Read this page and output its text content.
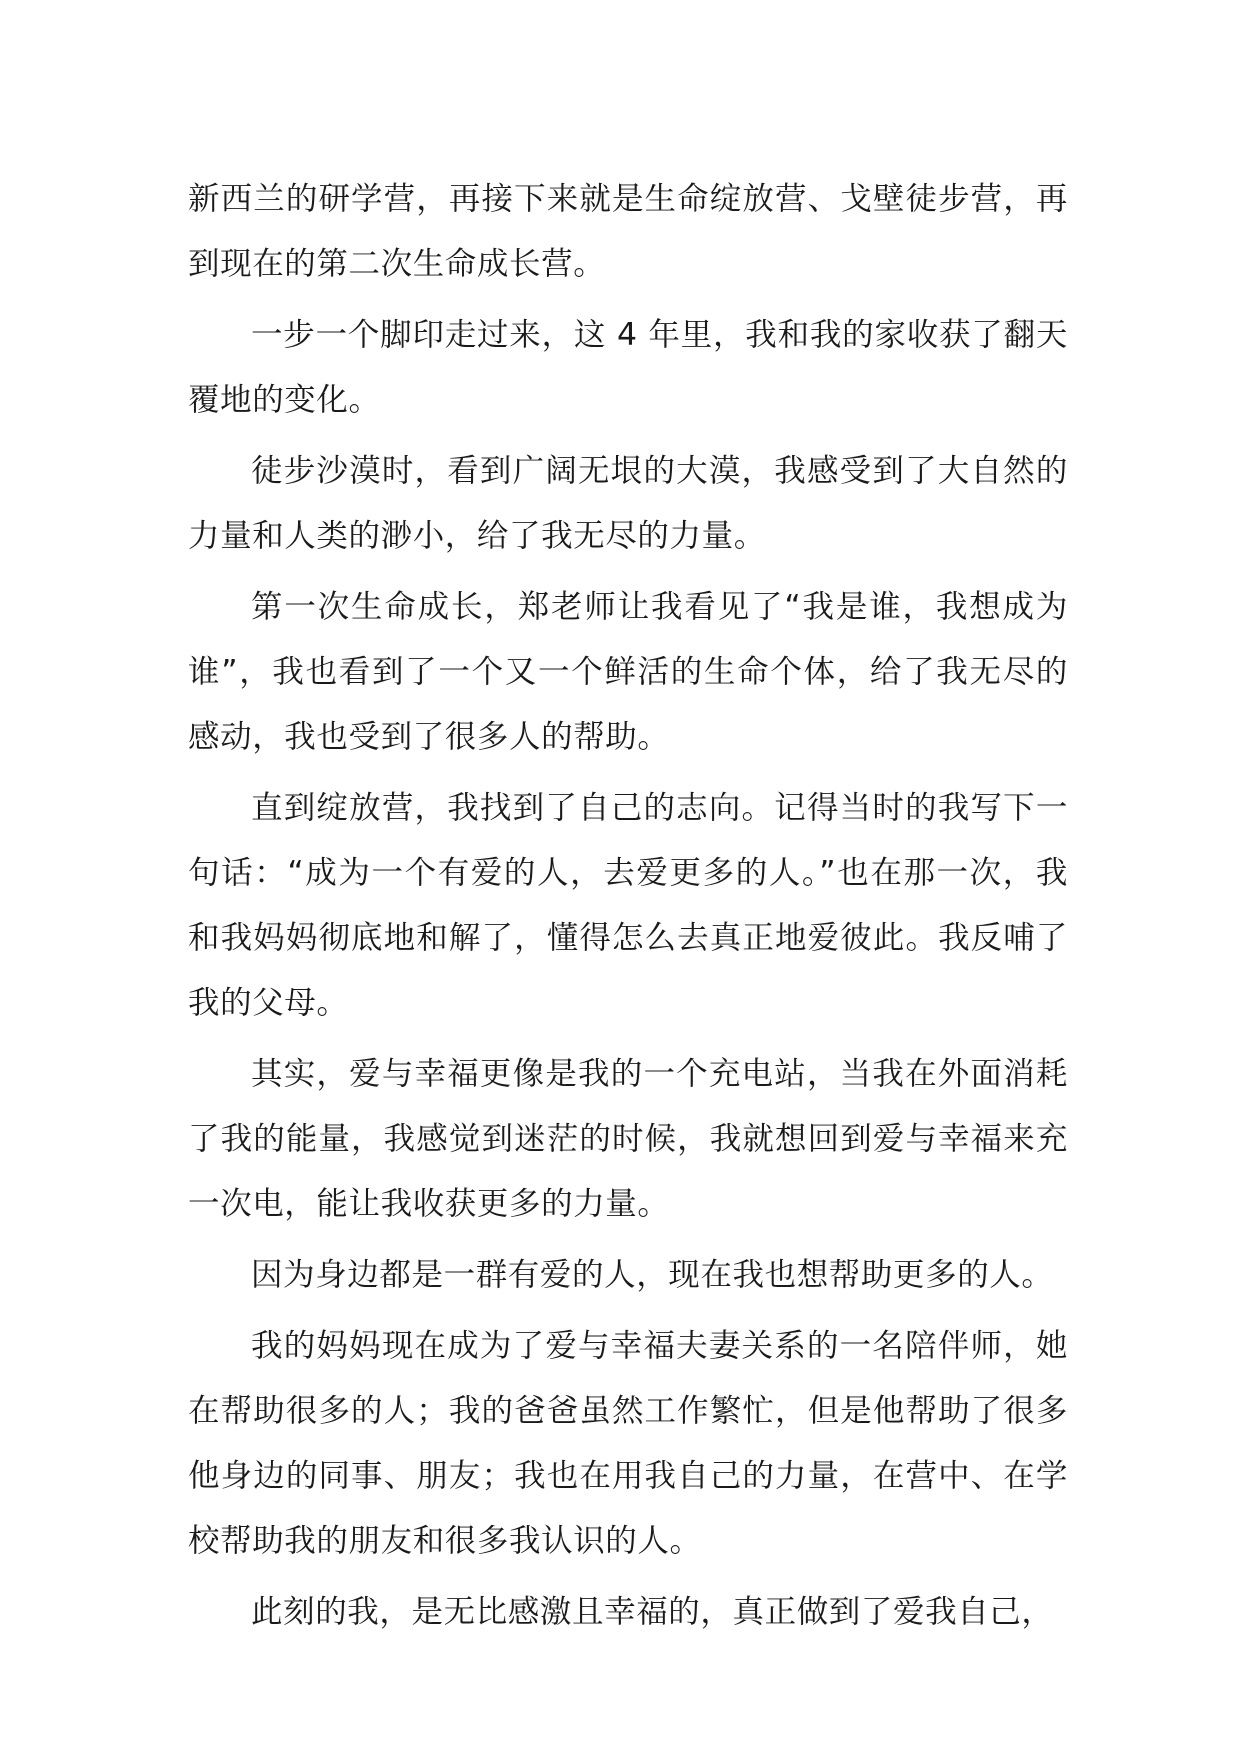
新西兰的研学营，再接下来就是生命绽放营、戈壁徒步营，再到现在的第二次生命成长营。

一步一个脚印走过来，这 4 年里，我和我的家收获了翻天覆地的变化。

徒步沙漠时，看到广阔无垠的大漠，我感受到了大自然的力量和人类的渺小，给了我无尽的力量。

第一次生命成长，郑老师让我看见了“我是谁，我想成为谁”，我也看到了一个又一个鲜活的生命个体，给了我无尽的感动，我也受到了很多人的帮助。

直到绽放营，我找到了自己的志向。记得当时的我写下一句话：“成为一个有爱的人，去爱更多的人。”也在那一次，我和我妈妈彻底地和解了，懂得怎么去真正地爱彼此。我反哺了我的父母。

其实，爱与幸福更像是我的一个充电站，当我在外面消耗了我的能量，我感觉到迷茫的时候，我就想回到爱与幸福来充一次电，能让我收获更多的力量。

因为身边都是一群有爱的人，现在我也想帮助更多的人。

我的妈妈现在成为了爱与幸福夫妻关系的一名陪伴师，她在帮助很多的人；我的爸爸虽然工作繁忙，但是他帮助了很多他身边的同事、朋友；我也在用我自己的力量，在营中、在学校帮助我的朋友和很多我认识的人。

此刻的我，是无比感激且幸福的，真正做到了爱我自己，
